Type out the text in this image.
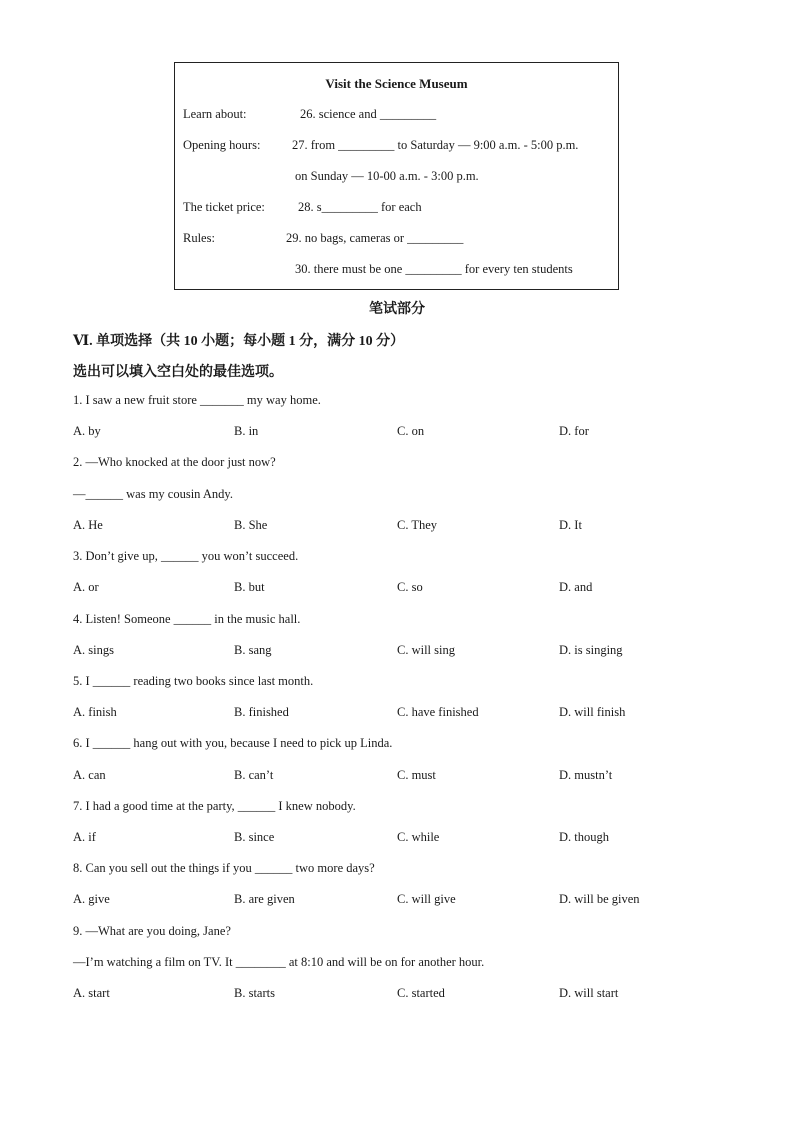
Visit the Science Museum
Learn about:	26. science and _________
Opening hours:	27. from _________ to Saturday — 9:00 a.m. - 5:00 p.m.
on Sunday — 10-00 a.m. - 3:00 p.m.
The ticket price:	28. s_________ for each
Rules:	29. no bags, cameras or _________
30. there must be one _________ for every ten students
笔试部分
Ⅵ. 单项选择（共 10 小题；每小题 1 分，满分 10 分）
选出可以填入空白处的最佳选项。
1. I saw a new fruit store _______ my way home.
A. by	B. in	C. on	D. for
2. —Who knocked at the door just now?
—______ was my cousin Andy.
A. He	B. She	C. They	D. It
3. Don’t give up, ______ you won’t succeed.
A. or	B. but	C. so	D. and
4. Listen! Someone ______ in the music hall.
A. sings	B. sang	C. will sing	D. is singing
5. I ______ reading two books since last month.
A. finish	B. finished	C. have finished	D. will finish
6. I ______ hang out with you, because I need to pick up Linda.
A. can	B. can’t	C. must	D. mustn’t
7. I had a good time at the party, ______ I knew nobody.
A. if	B. since	C. while	D. though
8. Can you sell out the things if you ______ two more days?
A. give	B. are given	C. will give	D. will be given
9. —What are you doing, Jane?
—I’m watching a film on TV. It ________ at 8:10 and will be on for another hour.
A. start	B. starts	C. started	D. will start
